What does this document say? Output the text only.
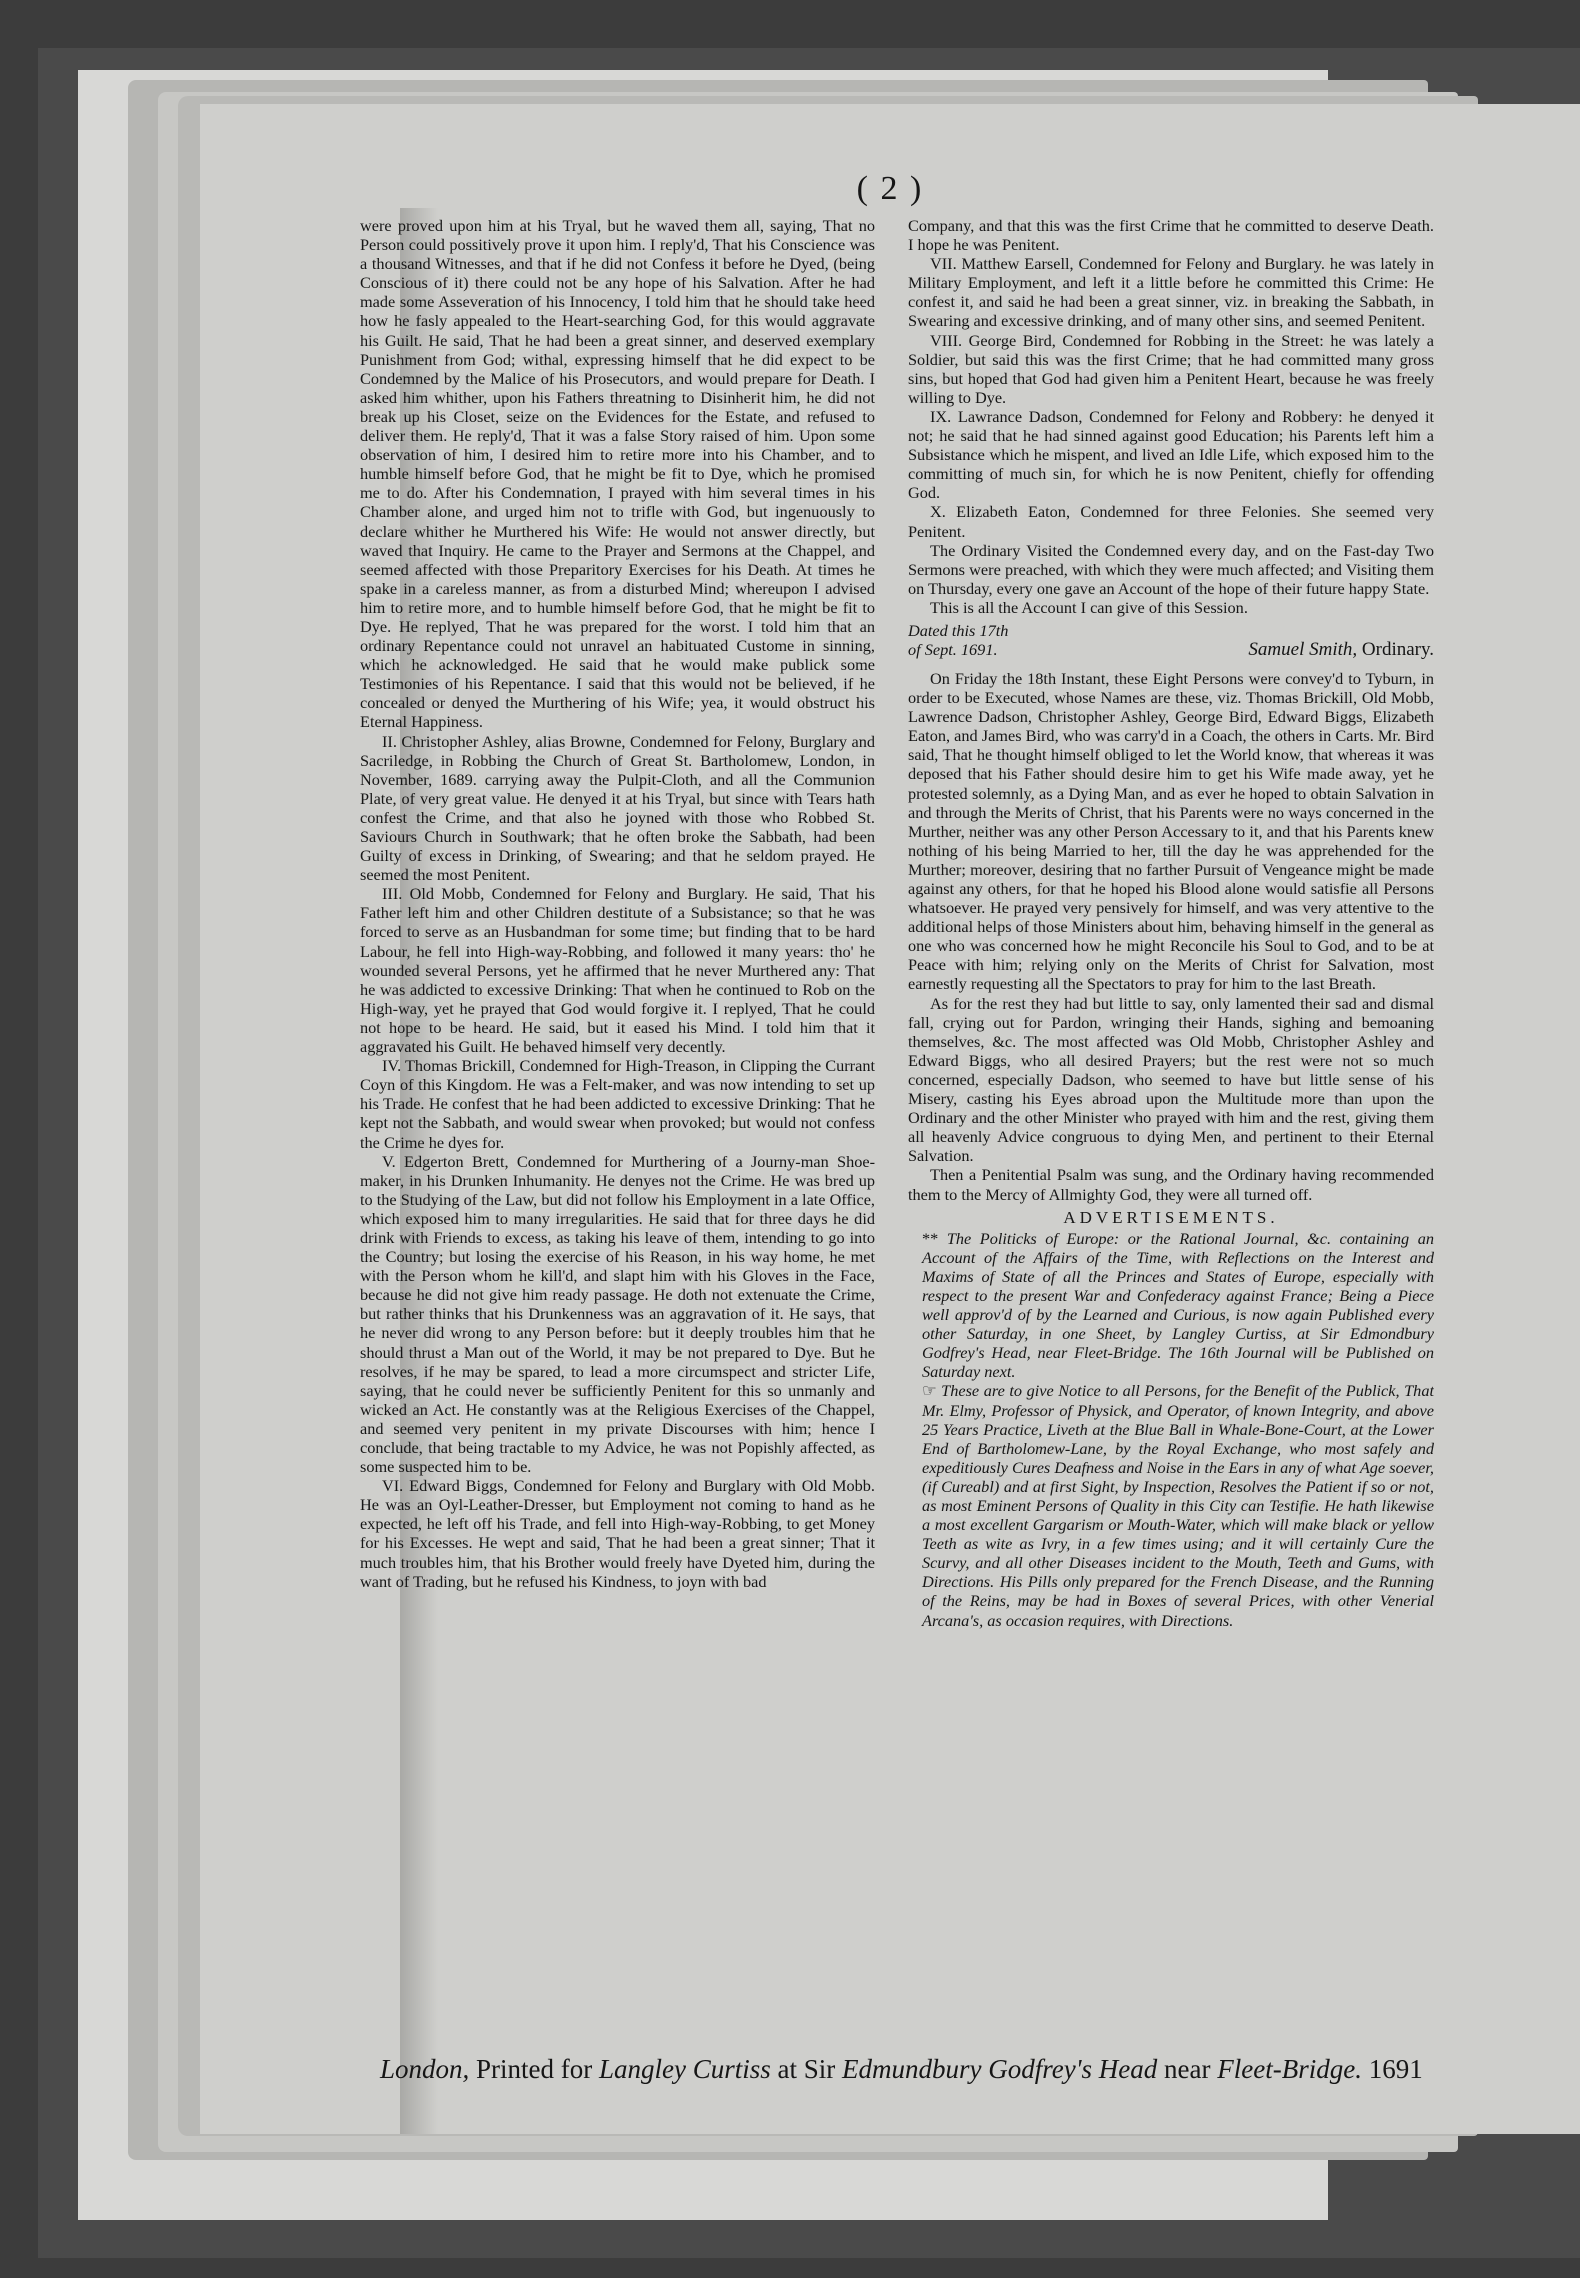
( 2 )

were proved upon him at his Tryal, but he waved them all, saying, That no Person could possitively prove it upon him. I reply'd, That his Conscience was a thousand Witnesses, and that if he did not Confess it before he Dyed, (being Conscious of it) there could not be any hope of his Salvation. After he had made some Asseveration of his Innocency, I told him that he should take heed how he fasly appealed to the Heart-searching God, for this would aggravate his Guilt. He said, That he had been a great sinner, and deserved exemplary Punishment from God; withal, expressing himself that he did expect to be Condemned by the Malice of his Prosecutors, and would prepare for Death. I asked him whither, upon his Fathers threatning to Disinherit him, he did not break up his Closet, seize on the Evidences for the Estate, and refused to deliver them. He reply'd, That it was a false Story raised of him. Upon some observation of him, I desired him to retire more into his Chamber, and to humble himself before God, that he might be fit to Dye, which he promised me to do. After his Condemnation, I prayed with him several times in his Chamber alone, and urged him not to trifle with God, but ingenuously to declare whither he Murthered his Wife: He would not answer directly, but waved that Inquiry. He came to the Prayer and Sermons at the Chappel, and seemed affected with those Preparitory Exercises for his Death. At times he spake in a careless manner, as from a disturbed Mind; whereupon I advised him to retire more, and to humble himself before God, that he might be fit to Dye. He replyed, That he was prepared for the worst. I told him that an ordinary Repentance could not unravel an habituated Custome in sinning, which he acknowledged. He said that he would make publick some Testimonies of his Repentance. I said that this would not be believed, if he concealed or denyed the Murthering of his Wife; yea, it would obstruct his Eternal Happiness.

II. Christopher Ashley, alias Browne, Condemned for Felony, Burglary and Sacriledge, in Robbing the Church of Great St. Bartholomew, London, in November, 1689. carrying away the Pulpit-Cloth, and all the Communion Plate, of very great value. He denyed it at his Tryal, but since with Tears hath confest the Crime, and that also he joyned with those who Robbed St. Saviours Church in Southwark; that he often broke the Sabbath, had been Guilty of excess in Drinking, of Swearing; and that he seldom prayed. He seemed the most Penitent.

III. Old Mobb, Condemned for Felony and Burglary. He said, That his Father left him and other Children destitute of a Subsistance; so that he was forced to serve as an Husbandman for some time; but finding that to be hard Labour, he fell into High-way-Robbing, and followed it many years: tho' he wounded several Persons, yet he affirmed that he never Murthered any: That he was addicted to excessive Drinking: That when he continued to Rob on the High-way, yet he prayed that God would forgive it. I replyed, That he could not hope to be heard. He said, but it eased his Mind. I told him that it aggravated his Guilt. He behaved himself very decently.

IV. Thomas Brickill, Condemned for High-Treason, in Clipping the Currant Coyn of this Kingdom. He was a Felt-maker, and was now intending to set up his Trade. He confest that he had been addicted to excessive Drinking: That he kept not the Sabbath, and would swear when provoked; but would not confess the Crime he dyes for.

V. Edgerton Brett, Condemned for Murthering of a Journy-man Shoe-maker, in his Drunken Inhumanity. He denyes not the Crime. He was bred up to the Studying of the Law, but did not follow his Employment in a late Office, which exposed him to many irregularities. He said that for three days he did drink with Friends to excess, as taking his leave of them, intending to go into the Country; but losing the exercise of his Reason, in his way home, he met with the Person whom he kill'd, and slapt him with his Gloves in the Face, because he did not give him ready passage. He doth not extenuate the Crime, but rather thinks that his Drunkenness was an aggravation of it. He says, that he never did wrong to any Person before: but it deeply troubles him that he should thrust a Man out of the World, it may be not prepared to Dye. But he resolves, if he may be spared, to lead a more circumspect and stricter Life, saying, that he could never be sufficiently Penitent for this so unmanly and wicked an Act. He constantly was at the Religious Exercises of the Chappel, and seemed very penitent in my private Discourses with him; hence I conclude, that being tractable to my Advice, he was not Popishly affected, as some suspected him to be.

VI. Edward Biggs, Condemned for Felony and Burglary with Old Mobb. He was an Oyl-Leather-Dresser, but Employment not coming to hand as he expected, he left off his Trade, and fell into High-way-Robbing, to get Money for his Excesses. He wept and said, That he had been a great sinner; That it much troubles him, that his Brother would freely have Dyeted him, during the want of Trading, but he refused his Kindness, to joyn with bad

Company, and that this was the first Crime that he committed to deserve Death. I hope he was Penitent.

VII. Matthew Earsell, Condemned for Felony and Burglary. he was lately in Military Employment, and left it a little before he committed this Crime: He confest it, and said he had been a great sinner, viz. in breaking the Sabbath, in Swearing and excessive drinking, and of many other sins, and seemed Penitent.

VIII. George Bird, Condemned for Robbing in the Street: he was lately a Soldier, but said this was the first Crime; that he had committed many gross sins, but hoped that God had given him a Penitent Heart, because he was freely willing to Dye.

IX. Lawrance Dadson, Condemned for Felony and Robbery: he denyed it not; he said that he had sinned against good Education; his Parents left him a Subsistance which he mispent, and lived an Idle Life, which exposed him to the committing of much sin, for which he is now Penitent, chiefly for offending God.

X. Elizabeth Eaton, Condemned for three Felonies. She seemed very Penitent.

The Ordinary Visited the Condemned every day, and on the Fast-day Two Sermons were preached, with which they were much affected; and Visiting them on Thursday, every one gave an Account of the hope of their future happy State.

This is all the Account I can give of this Session.

Dated this 17th
of Sept. 1691.	Samuel Smith, Ordinary.

On Friday the 18th Instant, these Eight Persons were convey'd to Tyburn, in order to be Executed, whose Names are these, viz. Thomas Brickill, Old Mobb, Lawrence Dadson, Christopher Ashley, George Bird, Edward Biggs, Elizabeth Eaton, and James Bird, who was carry'd in a Coach, the others in Carts. Mr. Bird said, That he thought himself obliged to let the World know, that whereas it was deposed that his Father should desire him to get his Wife made away, yet he protested solemnly, as a Dying Man, and as ever he hoped to obtain Salvation in and through the Merits of Christ, that his Parents were no ways concerned in the Murther, neither was any other Person Accessary to it, and that his Parents knew nothing of his being Married to her, till the day he was apprehended for the Murther; moreover, desiring that no farther Pursuit of Vengeance might be made against any others, for that he hoped his Blood alone would satisfie all Persons whatsoever. He prayed very pensively for himself, and was very attentive to the additional helps of those Ministers about him, behaving himself in the general as one who was concerned how he might Reconcile his Soul to God, and to be at Peace with him; relying only on the Merits of Christ for Salvation, most earnestly requesting all the Spectators to pray for him to the last Breath.

As for the rest they had but little to say, only lamented their sad and dismal fall, crying out for Pardon, wringing their Hands, sighing and bemoaning themselves, &c. The most affected was Old Mobb, Christopher Ashley and Edward Biggs, who all desired Prayers; but the rest were not so much concerned, especially Dadson, who seemed to have but little sense of his Misery, casting his Eyes abroad upon the Multitude more than upon the Ordinary and the other Minister who prayed with him and the rest, giving them all heavenly Advice congruous to dying Men, and pertinent to their Eternal Salvation.

Then a Penitential Psalm was sung, and the Ordinary having recommended them to the Mercy of Allmighty God, they were all turned off.

ADVERTISEMENTS.

** The Politicks of Europe: or the Rational Journal, &c. containing an Account of the Affairs of the Time, with Reflections on the Interest and Maxims of State of all the Princes and States of Europe, especially with respect to the present War and Confederacy against France; Being a Piece well approv'd of by the Learned and Curious, is now again Published every other Saturday, in one Sheet, by Langley Curtiss, at Sir Edmondbury Godfrey's Head, near Fleet-Bridge. The 16th Journal will be Published on Saturday next.

☞ These are to give Notice to all Persons, for the Benefit of the Publick, That Mr. Elmy, Professor of Physick, and Operator, of known Integrity, and above 25 Years Practice, Liveth at the Blue Ball in Whale-Bone-Court, at the Lower End of Bartholomew-Lane, by the Royal Exchange, who most safely and expeditiously Cures Deafness and Noise in the Ears in any of what Age soever, (if Cureabl) and at first Sight, by Inspection, Resolves the Patient if so or not, as most Eminent Persons of Quality in this City can Testifie. He hath likewise a most excellent Gargarism or Mouth-Water, which will make black or yellow Teeth as wite as Ivry, in a few times using; and it will certainly Cure the Scurvy, and all other Diseases incident to the Mouth, Teeth and Gums, with Directions. His Pills only prepared for the French Disease, and the Running of the Reins, may be had in Boxes of several Prices, with other Venerial Arcana's, as occasion requires, with Directions.

London, Printed for Langley Curtiss at Sir Edmundbury Godfrey's Head near Fleet-Bridge. 1691
